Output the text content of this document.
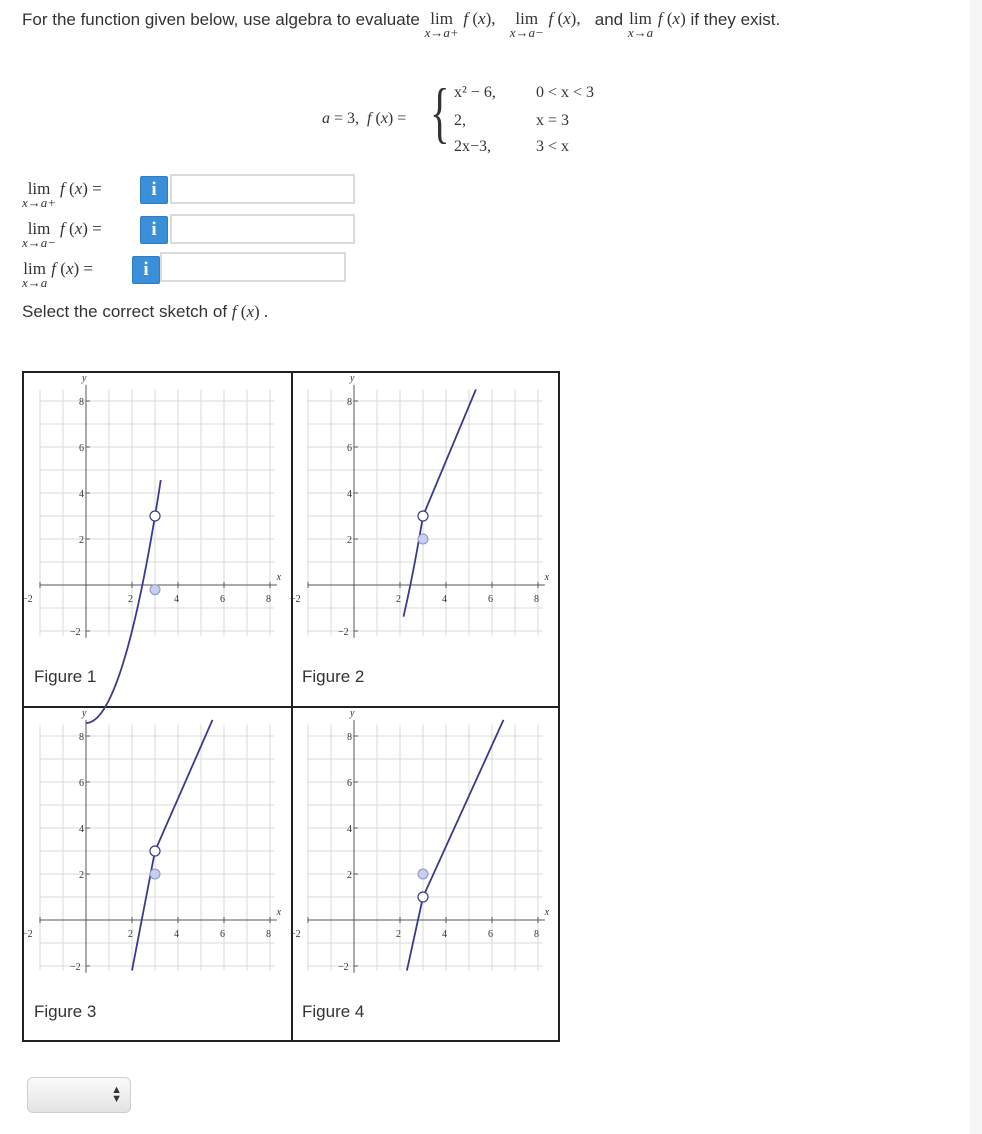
For the function given below, use algebra to evaluate lim
x→a+
f (x),	lim
x→a−
f (x), and lim
x→a
f (x) if they exist.
a = 3,  f (x) = { x² − 6,	0 < x < 3
2,	x = 3
2x−3,	3 < x
lim
x→a+
f (x) =	i
lim
x→a−
f (x) =	i
lim
x→a
f (x) =	i
Select the correct sketch of f (x) .
−2	2	4	6	8
8
6
4
2
−2
x
y
Figure 1
−2	2	4	6	8
8
6
4
2
−2
x
y
Figure 2
−2	2	4	6	8
8
6
4
2
−2
x
y
Figure 3
−2	2	4	6	8
8
6
4
2
−2
x
y
Figure 4
▲
▼
